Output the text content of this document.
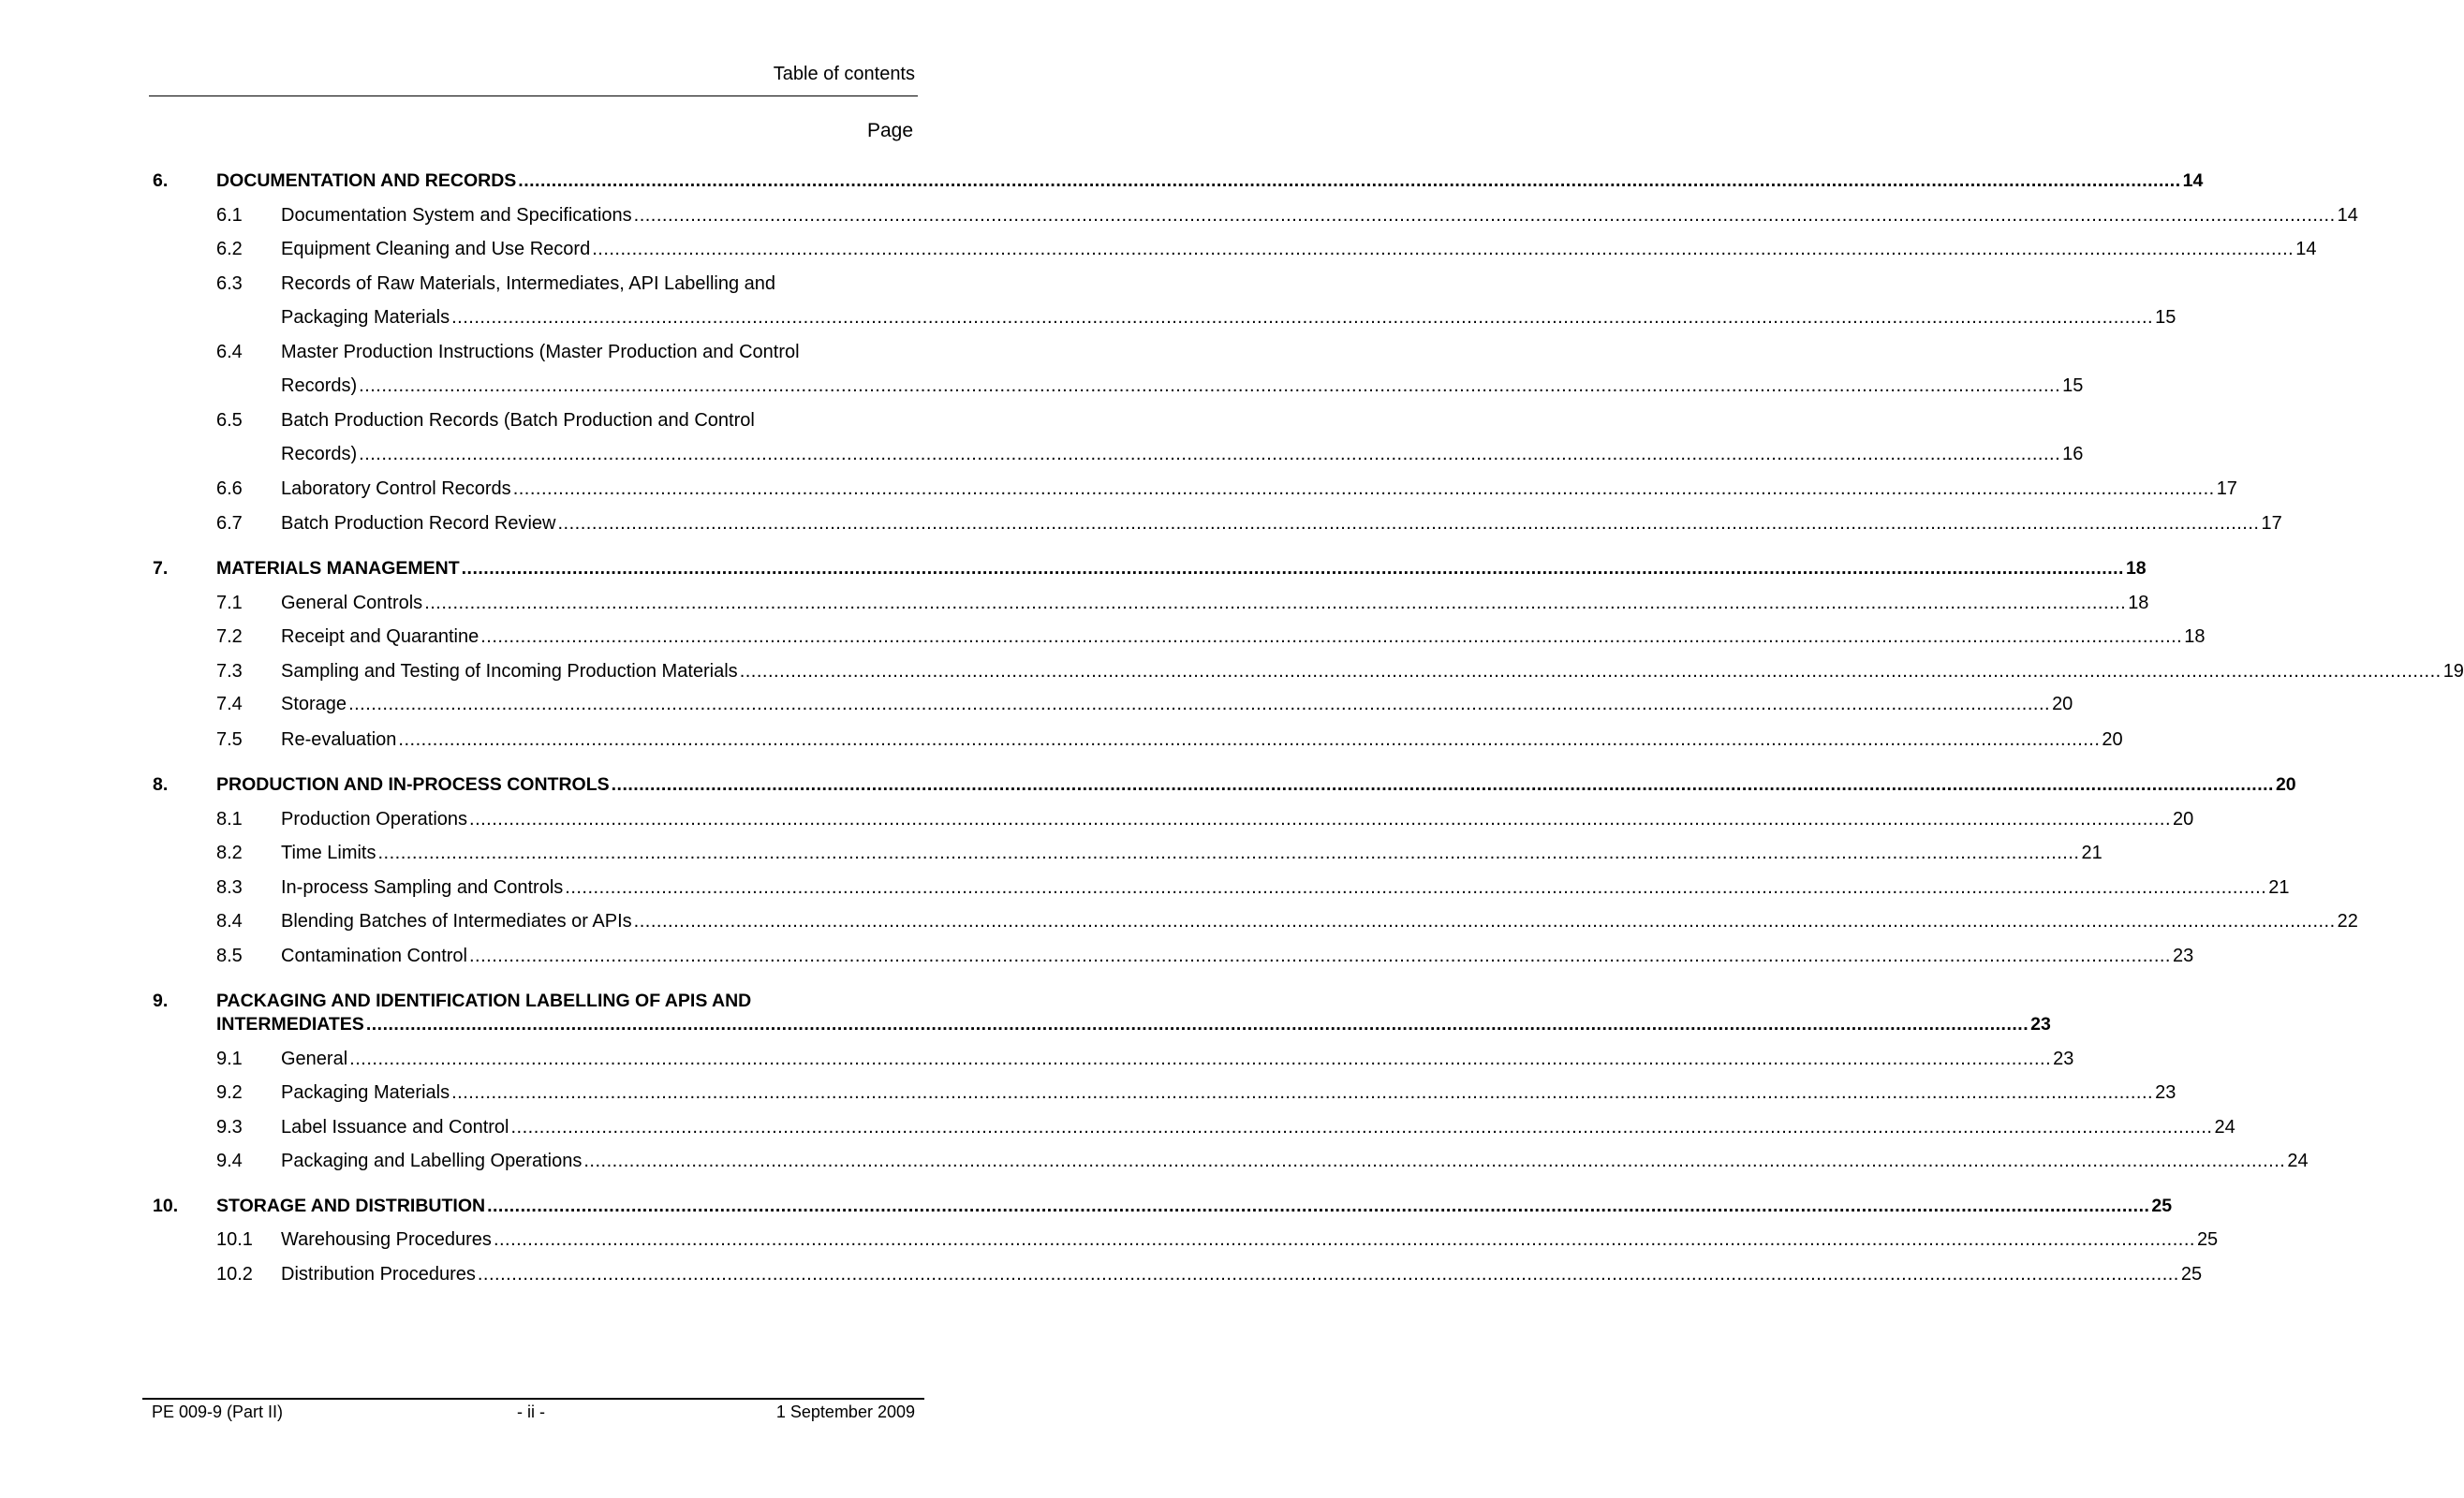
Table of contents
Page
6.	DOCUMENTATION AND RECORDS ............................................................................................................................................................................................................................................................................................................ 14
6.1 Documentation System and Specifications ............................................................................................................................................................................................................................................................................................................ 14
6.2 Equipment Cleaning and Use Record ............................................................................................................................................................................................................................................................................................................ 14
6.3 Records of Raw Materials, Intermediates, API Labelling and
Packaging Materials ............................................................................................................................................................................................................................................................................................................ 15
6.4 Master Production Instructions (Master Production and Control
Records) ............................................................................................................................................................................................................................................................................................................ 15
6.5 Batch Production Records (Batch Production and Control
Records) ............................................................................................................................................................................................................................................................................................................ 16
6.6 Laboratory Control Records ............................................................................................................................................................................................................................................................................................................ 17
6.7 Batch Production Record Review ............................................................................................................................................................................................................................................................................................................ 17
7.	MATERIALS MANAGEMENT ............................................................................................................................................................................................................................................................................................................ 18
7.1 General Controls ............................................................................................................................................................................................................................................................................................................ 18
7.2 Receipt and Quarantine ............................................................................................................................................................................................................................................................................................................ 18
7.3 Sampling and Testing of Incoming Production Materials ............................................................................................................................................................................................................................................................................................................ 19
7.4 Storage ............................................................................................................................................................................................................................................................................................................ 20
7.5 Re-evaluation ............................................................................................................................................................................................................................................................................................................ 20
8.	PRODUCTION AND IN-PROCESS CONTROLS ............................................................................................................................................................................................................................................................................................................ 20
8.1 Production Operations ............................................................................................................................................................................................................................................................................................................ 20
8.2 Time Limits ............................................................................................................................................................................................................................................................................................................ 21
8.3 In-process Sampling and Controls ............................................................................................................................................................................................................................................................................................................ 21
8.4 Blending Batches of Intermediates or APIs ............................................................................................................................................................................................................................................................................................................ 22
8.5 Contamination Control ............................................................................................................................................................................................................................................................................................................ 23
9.	PACKAGING AND IDENTIFICATION LABELLING OF APIS AND
INTERMEDIATES ............................................................................................................................................................................................................................................................................................................ 23
9.1 General ............................................................................................................................................................................................................................................................................................................ 23
9.2 Packaging Materials ............................................................................................................................................................................................................................................................................................................ 23
9.3 Label Issuance and Control ............................................................................................................................................................................................................................................................................................................ 24
9.4 Packaging and Labelling Operations ............................................................................................................................................................................................................................................................................................................ 24
10. STORAGE AND DISTRIBUTION ............................................................................................................................................................................................................................................................................................................ 25
10.1 Warehousing Procedures ............................................................................................................................................................................................................................................................................................................ 25
10.2 Distribution Procedures ............................................................................................................................................................................................................................................................................................................ 25
PE 009-9 (Part II)	- ii -	1 September 2009
